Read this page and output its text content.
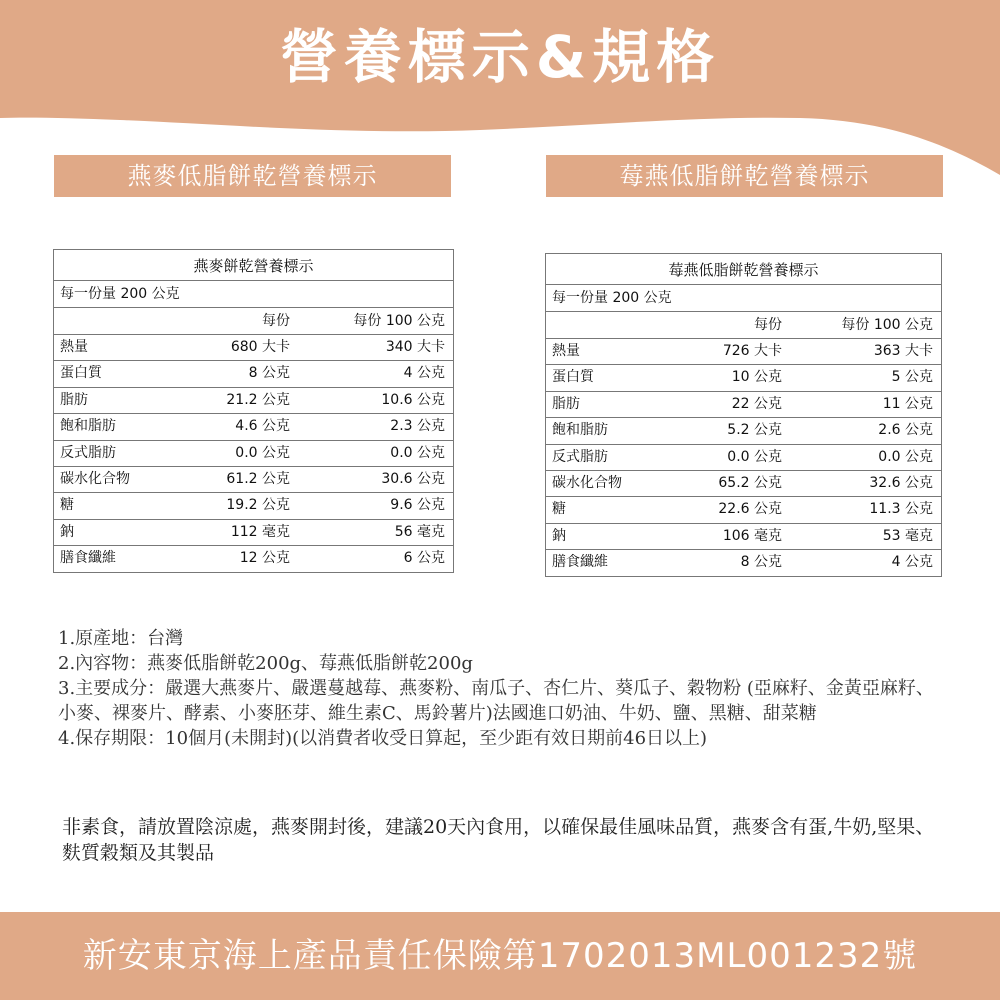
營養標示&規格
燕麥低脂餅乾營養標示	莓燕低脂餅乾營養標示
燕麥餅乾營養標示
每一份量 200 公克
每份	每份 100 公克
熱量	680 大卡	340 大卡
蛋白質	8 公克	4 公克
脂肪	21.2 公克	10.6 公克
飽和脂肪	4.6 公克	2.3 公克
反式脂肪	0.0 公克	0.0 公克
碳水化合物	61.2 公克	30.6 公克
糖	19.2 公克	9.6 公克
鈉	112 毫克	56 毫克
膳食纖維	12 公克	6 公克
莓燕低脂餅乾營養標示
每一份量 200 公克
每份	每份 100 公克
熱量	726 大卡	363 大卡
蛋白質	10 公克	5 公克
脂肪	22 公克	11 公克
飽和脂肪	5.2 公克	2.6 公克
反式脂肪	0.0 公克	0.0 公克
碳水化合物	65.2 公克	32.6 公克
糖	22.6 公克	11.3 公克
鈉	106 毫克	53 毫克
膳食纖維	8 公克	4 公克

1.原產地：台灣

2.內容物：燕麥低脂餅乾200g、莓燕低脂餅乾200g

3.主要成分：嚴選大燕麥片、嚴選蔓越莓、燕麥粉、南瓜子、杏仁片、葵瓜子、穀物粉 (亞麻籽、金黃亞麻籽、小麥、裸麥片、酵素、小麥胚芽、維生素C、馬鈴薯片)法國進口奶油、牛奶、鹽、黑糖、甜菜糖

4.保存期限：10個月(未開封)(以消費者收受日算起，至少距有效日期前46日以上)

非素食，請放置陰涼處，燕麥開封後，建議20天內食用，以確保最佳風味品質，燕麥含有蛋,牛奶,堅果、麩質穀類及其製品
新安東京海上產品責任保險第1702013ML001232號
